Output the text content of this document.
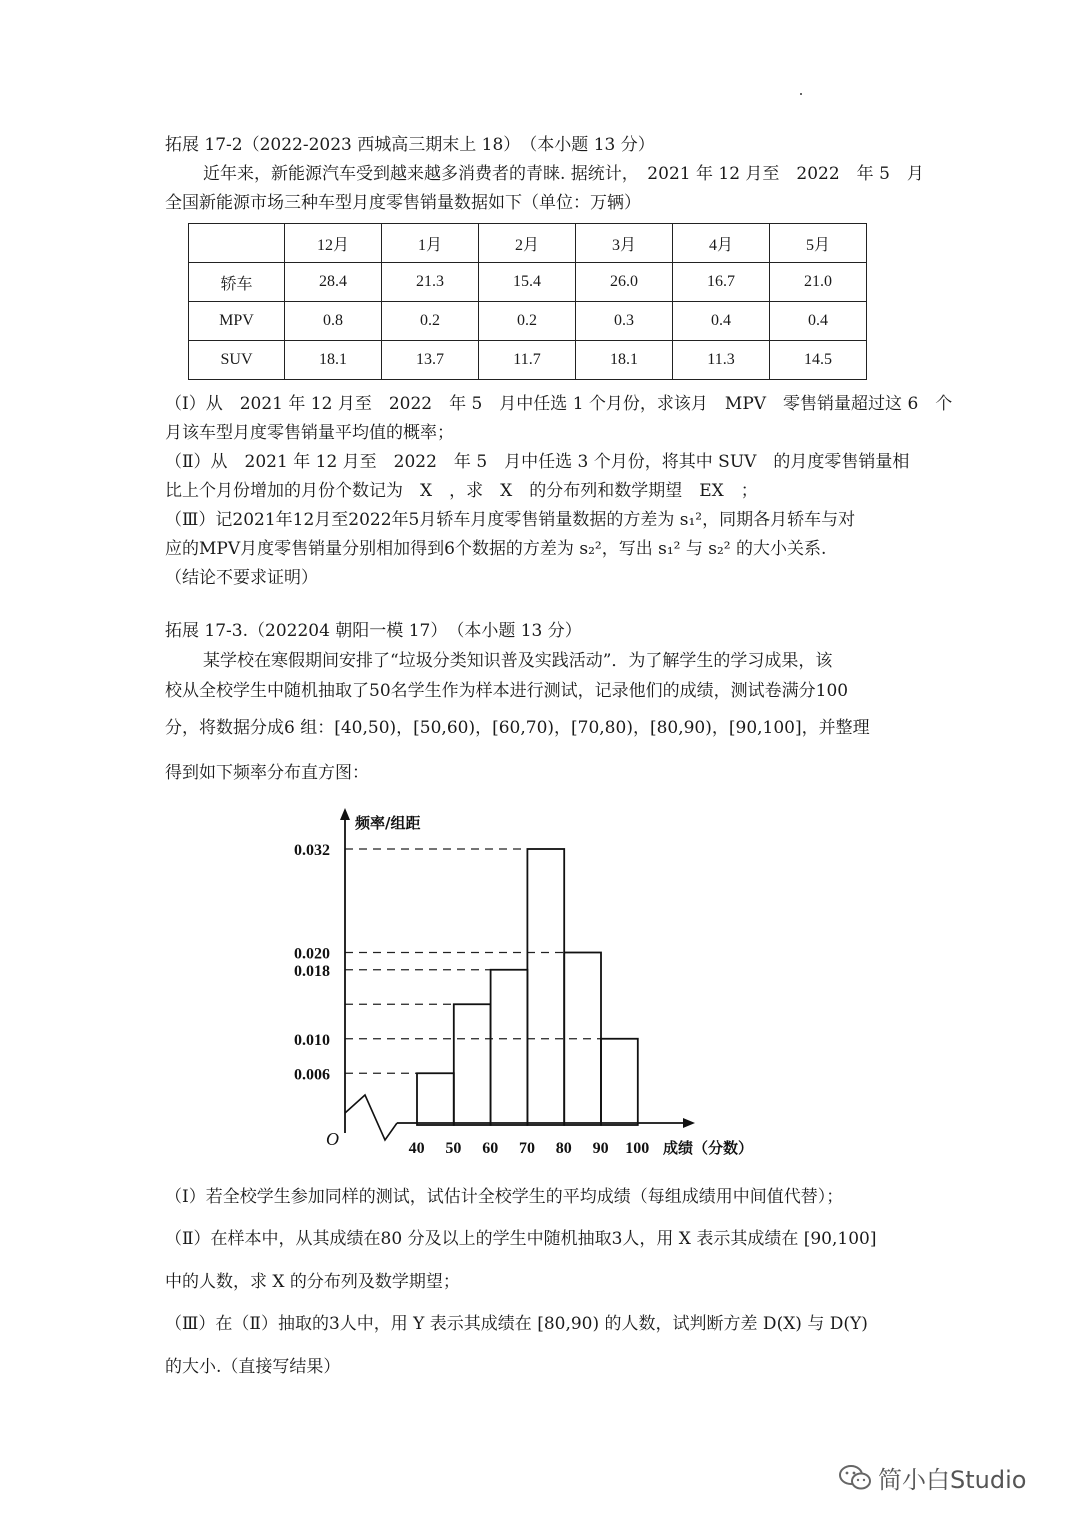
拓展 17-2（2022-2023 西城高三期末上 18）　（本小题 13 分）
近年来，新能源汽车受到越来越多消费者的青睐. 据统计，　2021 年 12 月至　2022　年 5　月
全国新能源市场三种车型月度零售销量数据如下（单位：万辆）
	12月	1月	2月	3月	4月	5月
轿车	28.4	21.3	15.4	26.0	16.7	21.0
MPV	0.8	0.2	0.2	0.3	0.4	0.4
SUV	18.1	13.7	11.7	18.1	11.3	14.5
（Ⅰ）从　2021 年 12 月至　2022　年 5　月中任选 1 个月份，求该月　MPV　零售销量超过这 6　个
月该车型月度零售销量平均值的概率；
（Ⅱ）从　2021 年 12 月至　2022　年 5　月中任选 3 个月份，将其中 SUV　的月度零售销量相
比上个月份增加的月份个数记为　X　，求　X　的分布列和数学期望　EX　；
（Ⅲ）记2021年12月至2022年5月轿车月度零售销量数据的方差为 s₁²，同期各月轿车与对
应的MPV月度零售销量分别相加得到6个数据的方差为 s₂²，写出 s₁² 与 s₂² 的大小关系.
（结论不要求证明）
拓展 17-3.（202204 朝阳一模 17）　（本小题 13 分）
某学校在寒假期间安排了“垃圾分类知识普及实践活动”．为了解学生的学习成果，该
校从全校学生中随机抽取了50名学生作为样本进行测试，记录他们的成绩，测试卷满分100
分，将数据分成6 组：[40,50)，[50,60)，[60,70)，[70,80)，[80,90)，[90,100]，并整理
得到如下频率分布直方图：
0.032
0.020
0.018
0.010
0.006
频率/组距
O	40 50 60 70 80 90 100 成绩（分数）
（Ⅰ）若全校学生参加同样的测试，试估计全校学生的平均成绩（每组成绩用中间值代替）；
（Ⅱ）在样本中，从其成绩在80 分及以上的学生中随机抽取3人，用 X 表示其成绩在 [90,100]
中的人数，求 X 的分布列及数学期望；
（Ⅲ）在（Ⅱ）抽取的3人中，用 Y 表示其成绩在 [80,90) 的人数，试判断方差 D(X) 与 D(Y)
的大小.（直接写结果）
简小白Studio
